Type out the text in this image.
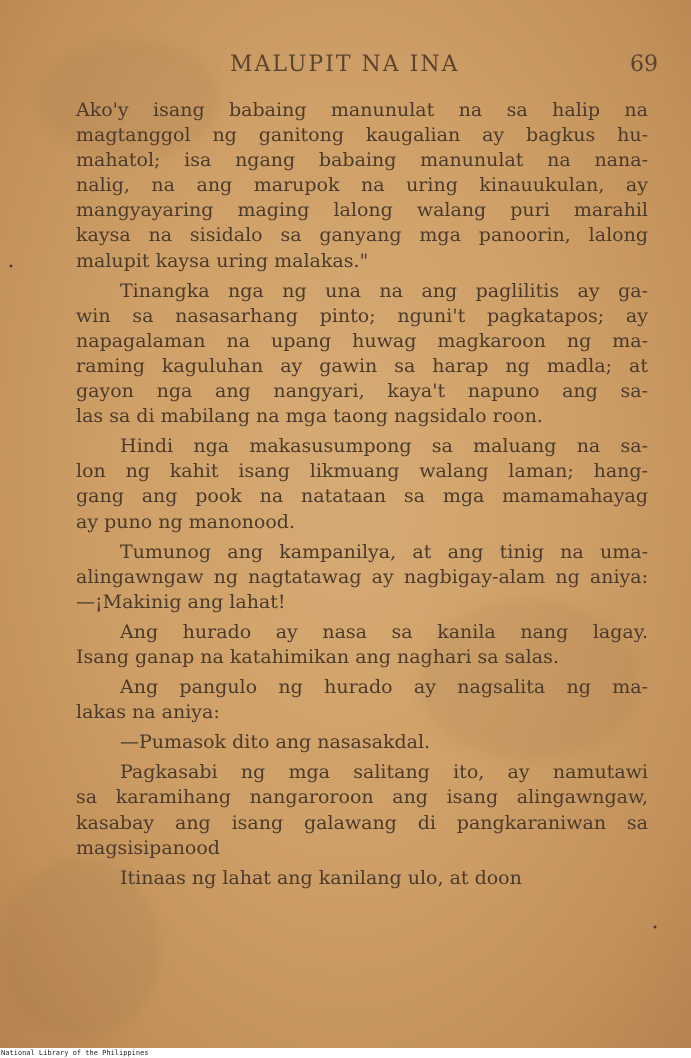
MALUPIT NA INA	69
Ako'y isang babaing manunulat na sa halip na
magtanggol ng ganitong kaugalian ay bagkus hu-
mahatol; isa ngang babaing manunulat na nana-
nalig, na ang marupok na uring kinauukulan, ay
mangyayaring maging lalong walang puri marahil
kaysa na sisidalo sa ganyang mga panoorin, lalong
malupit kaysa uring malakas."
Tinangka nga ng una na ang paglilitis ay ga-
win sa nasasarhang pinto; nguni't pagkatapos; ay
napagalaman na upang huwag magkaroon ng ma-
raming kaguluhan ay gawin sa harap ng madla; at
gayon nga ang nangyari, kaya't napuno ang sa-
las sa di mabilang na mga taong nagsidalo roon.
Hindi nga makasusumpong sa maluang na sa-
lon ng kahit isang likmuang walang laman; hang-
gang ang pook na natataan sa mga mamamahayag
ay puno ng manonood.
Tumunog ang kampanilya, at ang tinig na uma-
alingawngaw ng nagtatawag ay nagbigay-alam ng aniya:
—¡Makinig ang lahat!
Ang hurado ay nasa sa kanila nang lagay.
Isang ganap na katahimikan ang naghari sa salas.
Ang pangulo ng hurado ay nagsalita ng ma-
lakas na aniya:
—Pumasok dito ang nasasakdal.
Pagkasabi ng mga salitang ito, ay namutawi
sa karamihang nangaroroon ang isang alingawngaw,
kasabay ang isang galawang di pangkaraniwan sa
magsisipanood
Itinaas ng lahat ang kanilang ulo, at doon
•
•
National Library of the Philippines
